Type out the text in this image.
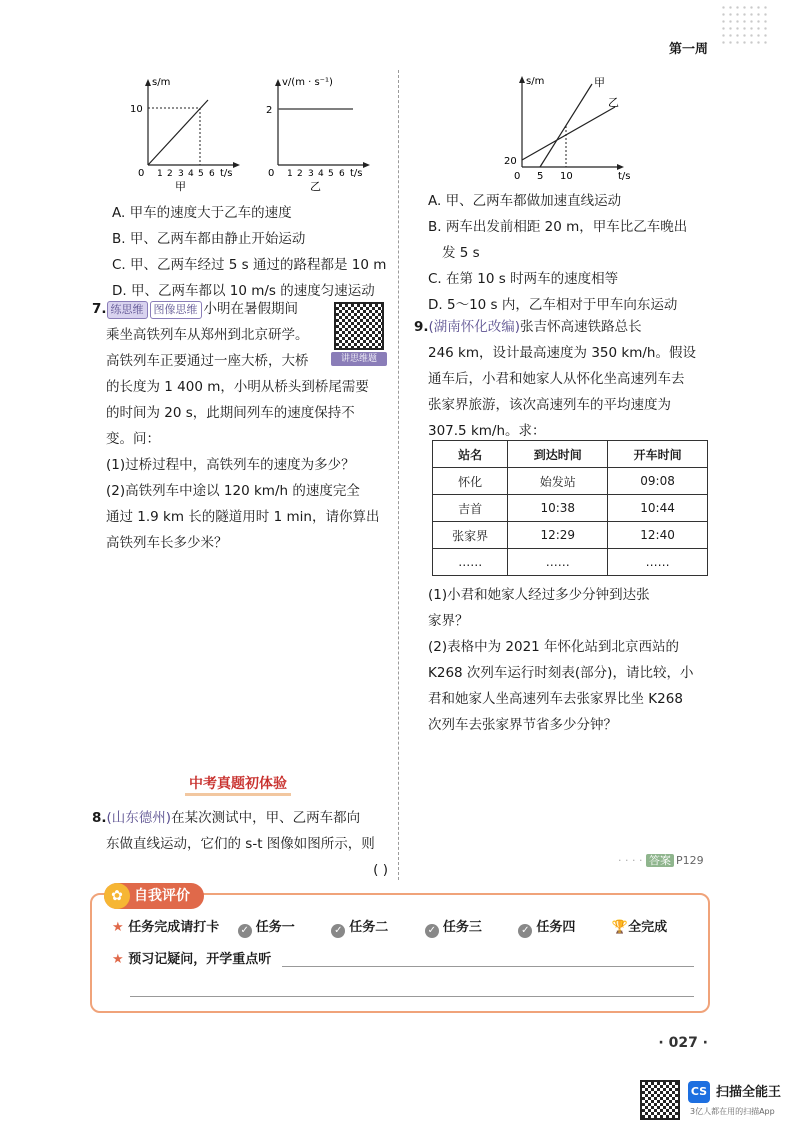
第一周
s/m
10
0 1 2 3 4 5 6 t/s
甲
v/(m · s⁻¹)
2
0 1 2 3 4 5 6 t/s
乙
A. 甲车的速度大于乙车的速度
B. 甲、乙两车都由静止开始运动
C. 甲、乙两车经过 5 s 通过的路程都是 10 m
D. 甲、乙两车都以 10 m/s 的速度匀速运动
7. 练思维 图像思维 小明在暑假期间
乘坐高铁列车从郑州到北京研学。
高铁列车正要通过一座大桥，大桥
的长度为 1 400 m，小明从桥头到桥尾需要
的时间为 20 s，此期间列车的速度保持不
变。问：
(1)过桥过程中，高铁列车的速度为多少？
(2)高铁列车中途以 120 km/h 的速度完全
通过 1.9 km 长的隧道用时 1 min，请你算出
高铁列车长多少米？
讲思维题
中考真题初体验
8.(山东德州)在某次测试中，甲、乙两车都向
东做直线运动，它们的 s-t 图像如图所示，则
( )
s/m	甲
乙
20
0 5 10	t/s
A. 甲、乙两车都做加速直线运动
B. 两车出发前相距 20 m，甲车比乙车晚出
发 5 s
C. 在第 10 s 时两车的速度相等
D. 5～10 s 内，乙车相对于甲车向东运动
9.(湖南怀化改编)张吉怀高速铁路总长
246 km，设计最高速度为 350 km/h。假设
通车后，小君和她家人从怀化坐高速列车去
张家界旅游，该次高速列车的平均速度为
307.5 km/h。求：
站名	到达时间	开车时间
怀化	始发站	09:08
吉首	10:38	10:44
张家界	12:29	12:40
……	……	……
(1)小君和她家人经过多少分钟到达张
家界？
(2)表格中为 2021 年怀化站到北京西站的
K268 次列车运行时刻表(部分)，请比较，小
君和她家人坐高速列车去张家界比坐 K268
次列车去张家界节省多少分钟？
· · · · 答案 P129
自我评价
✿
★ 任务完成请打卡 ✓ 任务一	✓ 任务二	✓ 任务三	✓ 任务四	🏆全完成
★ 预习记疑问，开学重点听
· 027 ·
CS 扫描全能王
3亿人都在用的扫描App
